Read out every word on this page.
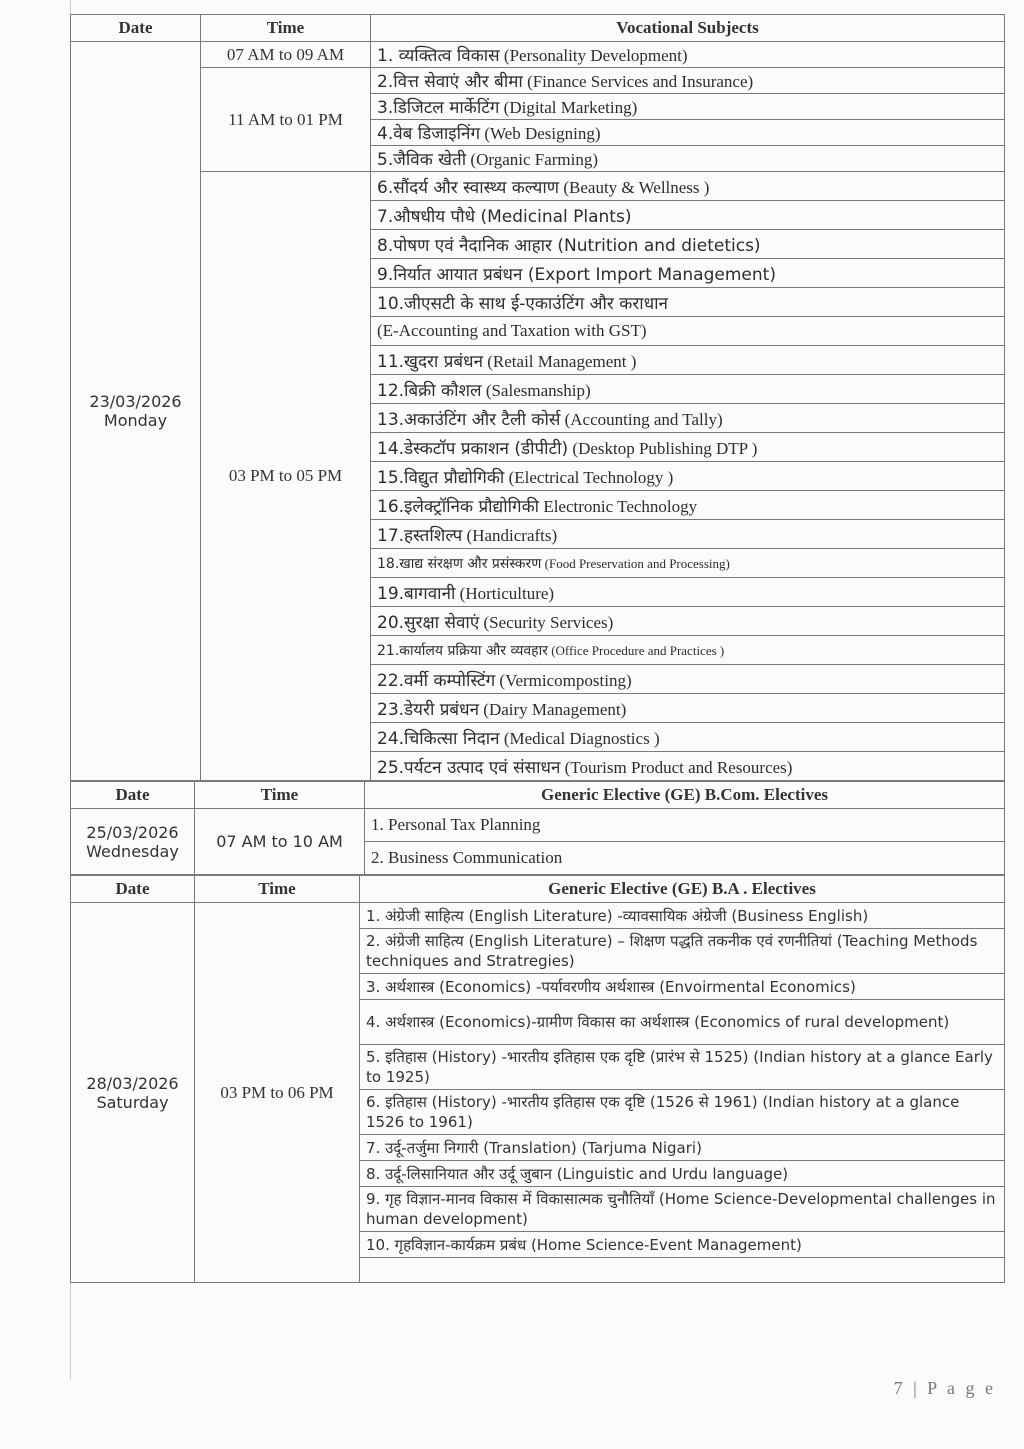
Date	Time	Vocational Subjects

23/03/2026
Monday	07 AM to 09 AM	1. व्यक्तित्व विकास (Personality Development)
	11 AM to 01 PM	2.वित्त सेवाएं और बीमा (Finance Services and Insurance)
		3.डिजिटल मार्केटिंग (Digital Marketing)
		4.वेब डिजाइनिंग (Web Designing)
		5.जैविक खेती (Organic Farming)
	03 PM to 05 PM	6.सौंदर्य और स्वास्थ्य कल्याण (Beauty & Wellness )
		7.औषधीय पौधे (Medicinal Plants)
		8.पोषण एवं नैदानिक आहार (Nutrition and dietetics)
		9.निर्यात आयात प्रबंधन (Export Import Management)
		10.जीएसटी के साथ ई-एकाउंटिंग और कराधान
		(E-Accounting and Taxation with GST)
		11.खुदरा प्रबंधन (Retail Management )
		12.बिक्री कौशल (Salesmanship)
		13.अकाउंटिंग और टैली कोर्स (Accounting and Tally)
		14.डेस्कटॉप प्रकाशन (डीपीटी) (Desktop Publishing DTP )
		15.विद्युत प्रौद्योगिकी (Electrical Technology )
		16.इलेक्ट्रॉनिक प्रौद्योगिकी Electronic Technology
		17.हस्तशिल्प (Handicrafts)
		18.खाद्य संरक्षण और प्रसंस्करण (Food Preservation and Processing)
		19.बागवानी (Horticulture)
		20.सुरक्षा सेवाएं (Security Services)
		21.कार्यालय प्रक्रिया और व्यवहार (Office Procedure and Practices )
		22.वर्मी कम्पोस्टिंग (Vermicomposting)
		23.डेयरी प्रबंधन (Dairy Management)
		24.चिकित्सा निदान (Medical Diagnostics )
		25.पर्यटन उत्पाद एवं संसाधन (Tourism Product and Resources)
Date	Time	Generic Elective (GE) B.Com. Electives

25/03/2026
Wednesday	07 AM to 10 AM	1. Personal Tax Planning
		2. Business Communication
Date	Time	Generic Elective (GE) B.A . Electives

28/03/2026
Saturday	03 PM to 06 PM	1. अंग्रेजी साहित्य (English Literature) -व्यावसायिक अंग्रेजी (Business English)
		2. अंग्रेजी साहित्य (English Literature) – शिक्षण पद्धति तकनीक एवं रणनीतियां (Teaching Methods techniques and Stratregies)
		3. अर्थशास्त्र (Economics) -पर्यावरणीय अर्थशास्त्र (Envoirmental Economics)
		4. अर्थशास्त्र (Economics)-ग्रामीण विकास का अर्थशास्त्र (Economics of rural development)
		5. इतिहास (History) -भारतीय इतिहास एक दृष्टि (प्रारंभ से 1525) (Indian history at a glance Early to 1925)
		6. इतिहास (History) -भारतीय इतिहास एक दृष्टि (1526 से 1961) (Indian history at a glance 1526 to 1961)
		7. उर्दू-तर्जुमा निगारी (Translation) (Tarjuma Nigari)
		8. उर्दू-लिसानियात और उर्दू जुबान (Linguistic and Urdu language)
		9. गृह विज्ञान-मानव विकास में विकासात्मक चुनौतियाँ (Home Science-Developmental challenges in human development)
		10. गृहविज्ञान-कार्यक्रम प्रबंध (Home Science-Event Management)

7 | P a g e
